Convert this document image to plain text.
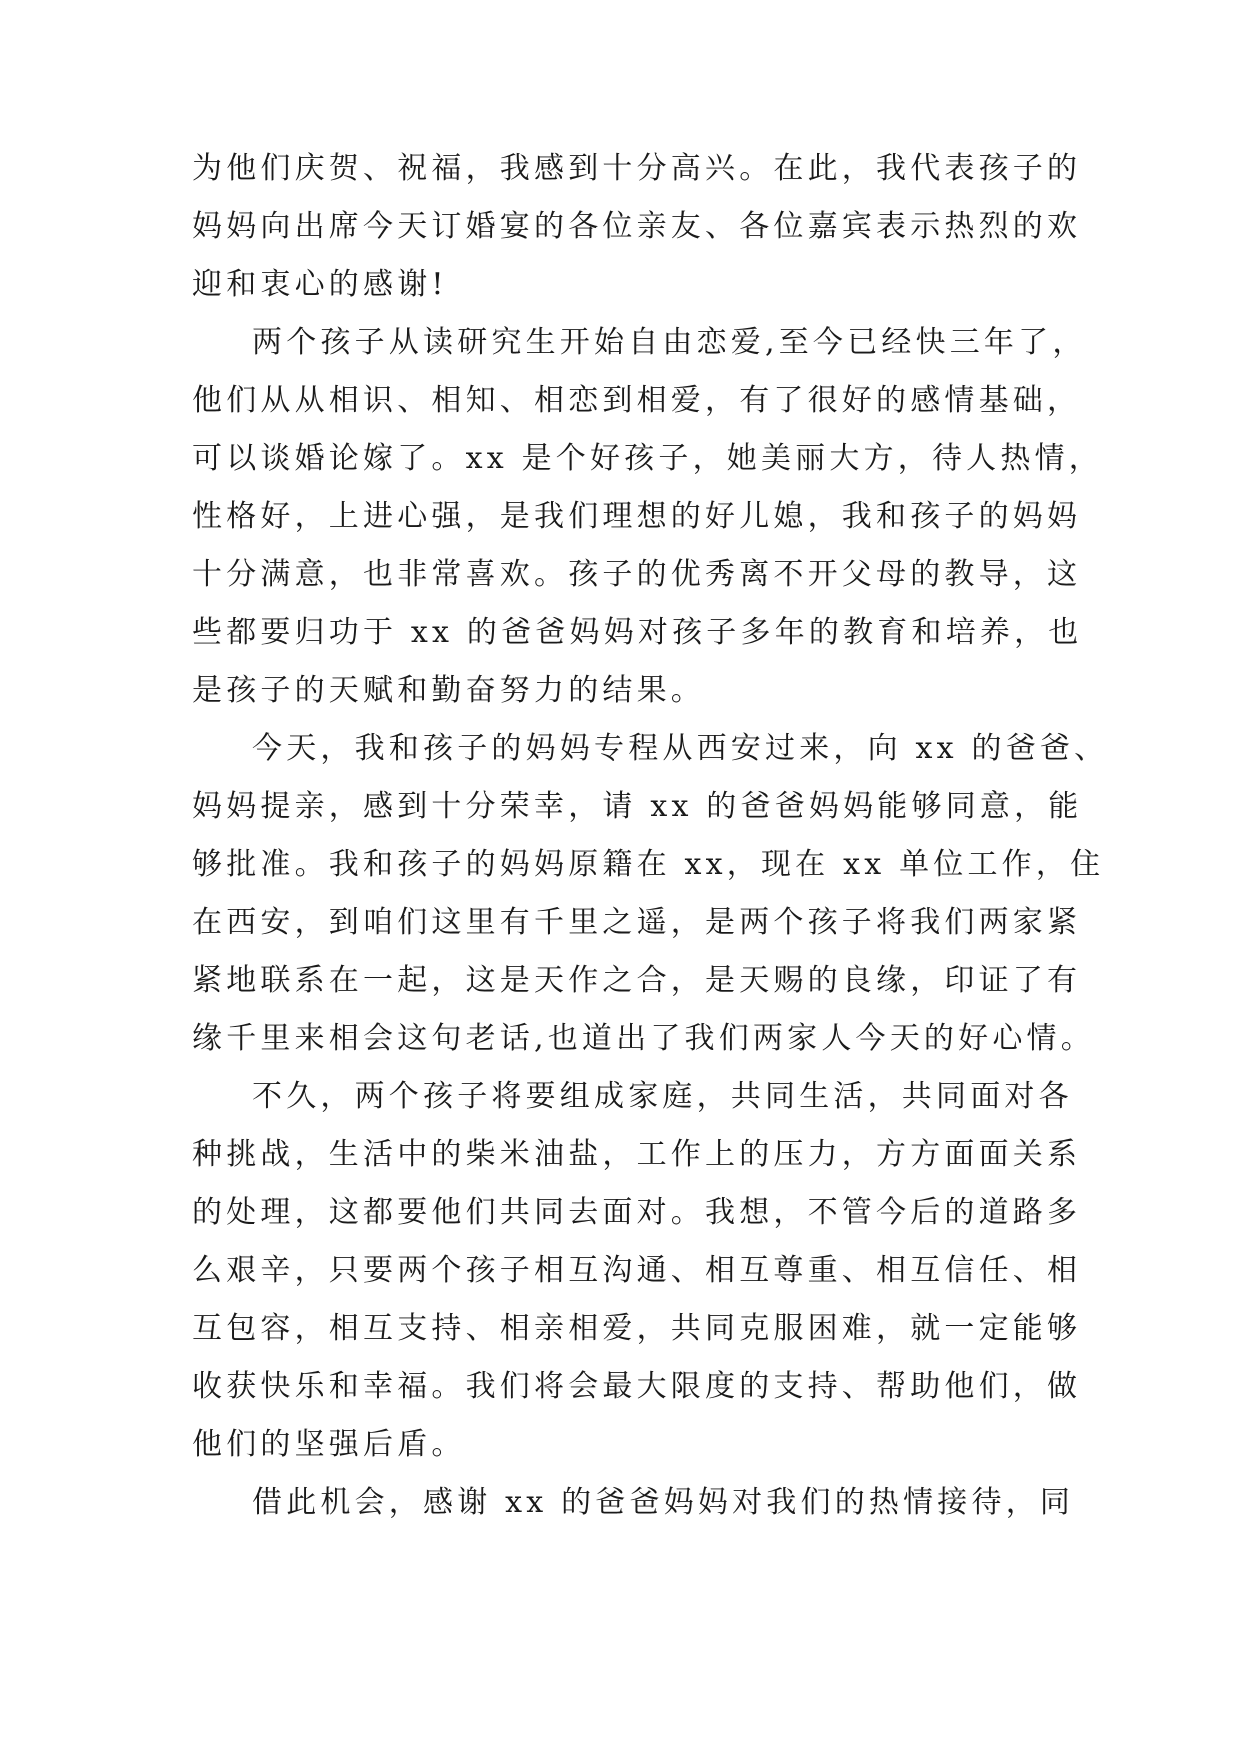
为他们庆贺、祝福，我感到十分高兴。在此，我代表孩子的

妈妈向出席今天订婚宴的各位亲友、各位嘉宾表示热烈的欢

迎和衷心的感谢!

两个孩子从读研究生开始自由恋爱,至今已经快三年了，

他们从从相识、相知、相恋到相爱，有了很好的感情基础，

可以谈婚论嫁了。xx 是个好孩子，她美丽大方，待人热情，

性格好，上进心强，是我们理想的好儿媳，我和孩子的妈妈

十分满意，也非常喜欢。孩子的优秀离不开父母的教导，这

些都要归功于 xx 的爸爸妈妈对孩子多年的教育和培养，也

是孩子的天赋和勤奋努力的结果。

今天，我和孩子的妈妈专程从西安过来，向 xx 的爸爸、

妈妈提亲，感到十分荣幸，请 xx 的爸爸妈妈能够同意，能

够批准。我和孩子的妈妈原籍在 xx，现在 xx 单位工作，住

在西安，到咱们这里有千里之遥，是两个孩子将我们两家紧

紧地联系在一起，这是天作之合，是天赐的良缘，印证了有

缘千里来相会这句老话,也道出了我们两家人今天的好心情。

不久，两个孩子将要组成家庭，共同生活，共同面对各

种挑战，生活中的柴米油盐，工作上的压力，方方面面关系

的处理，这都要他们共同去面对。我想，不管今后的道路多

么艰辛，只要两个孩子相互沟通、相互尊重、相互信任、相

互包容，相互支持、相亲相爱，共同克服困难，就一定能够

收获快乐和幸福。我们将会最大限度的支持、帮助他们，做

他们的坚强后盾。

借此机会，感谢 xx 的爸爸妈妈对我们的热情接待，同
